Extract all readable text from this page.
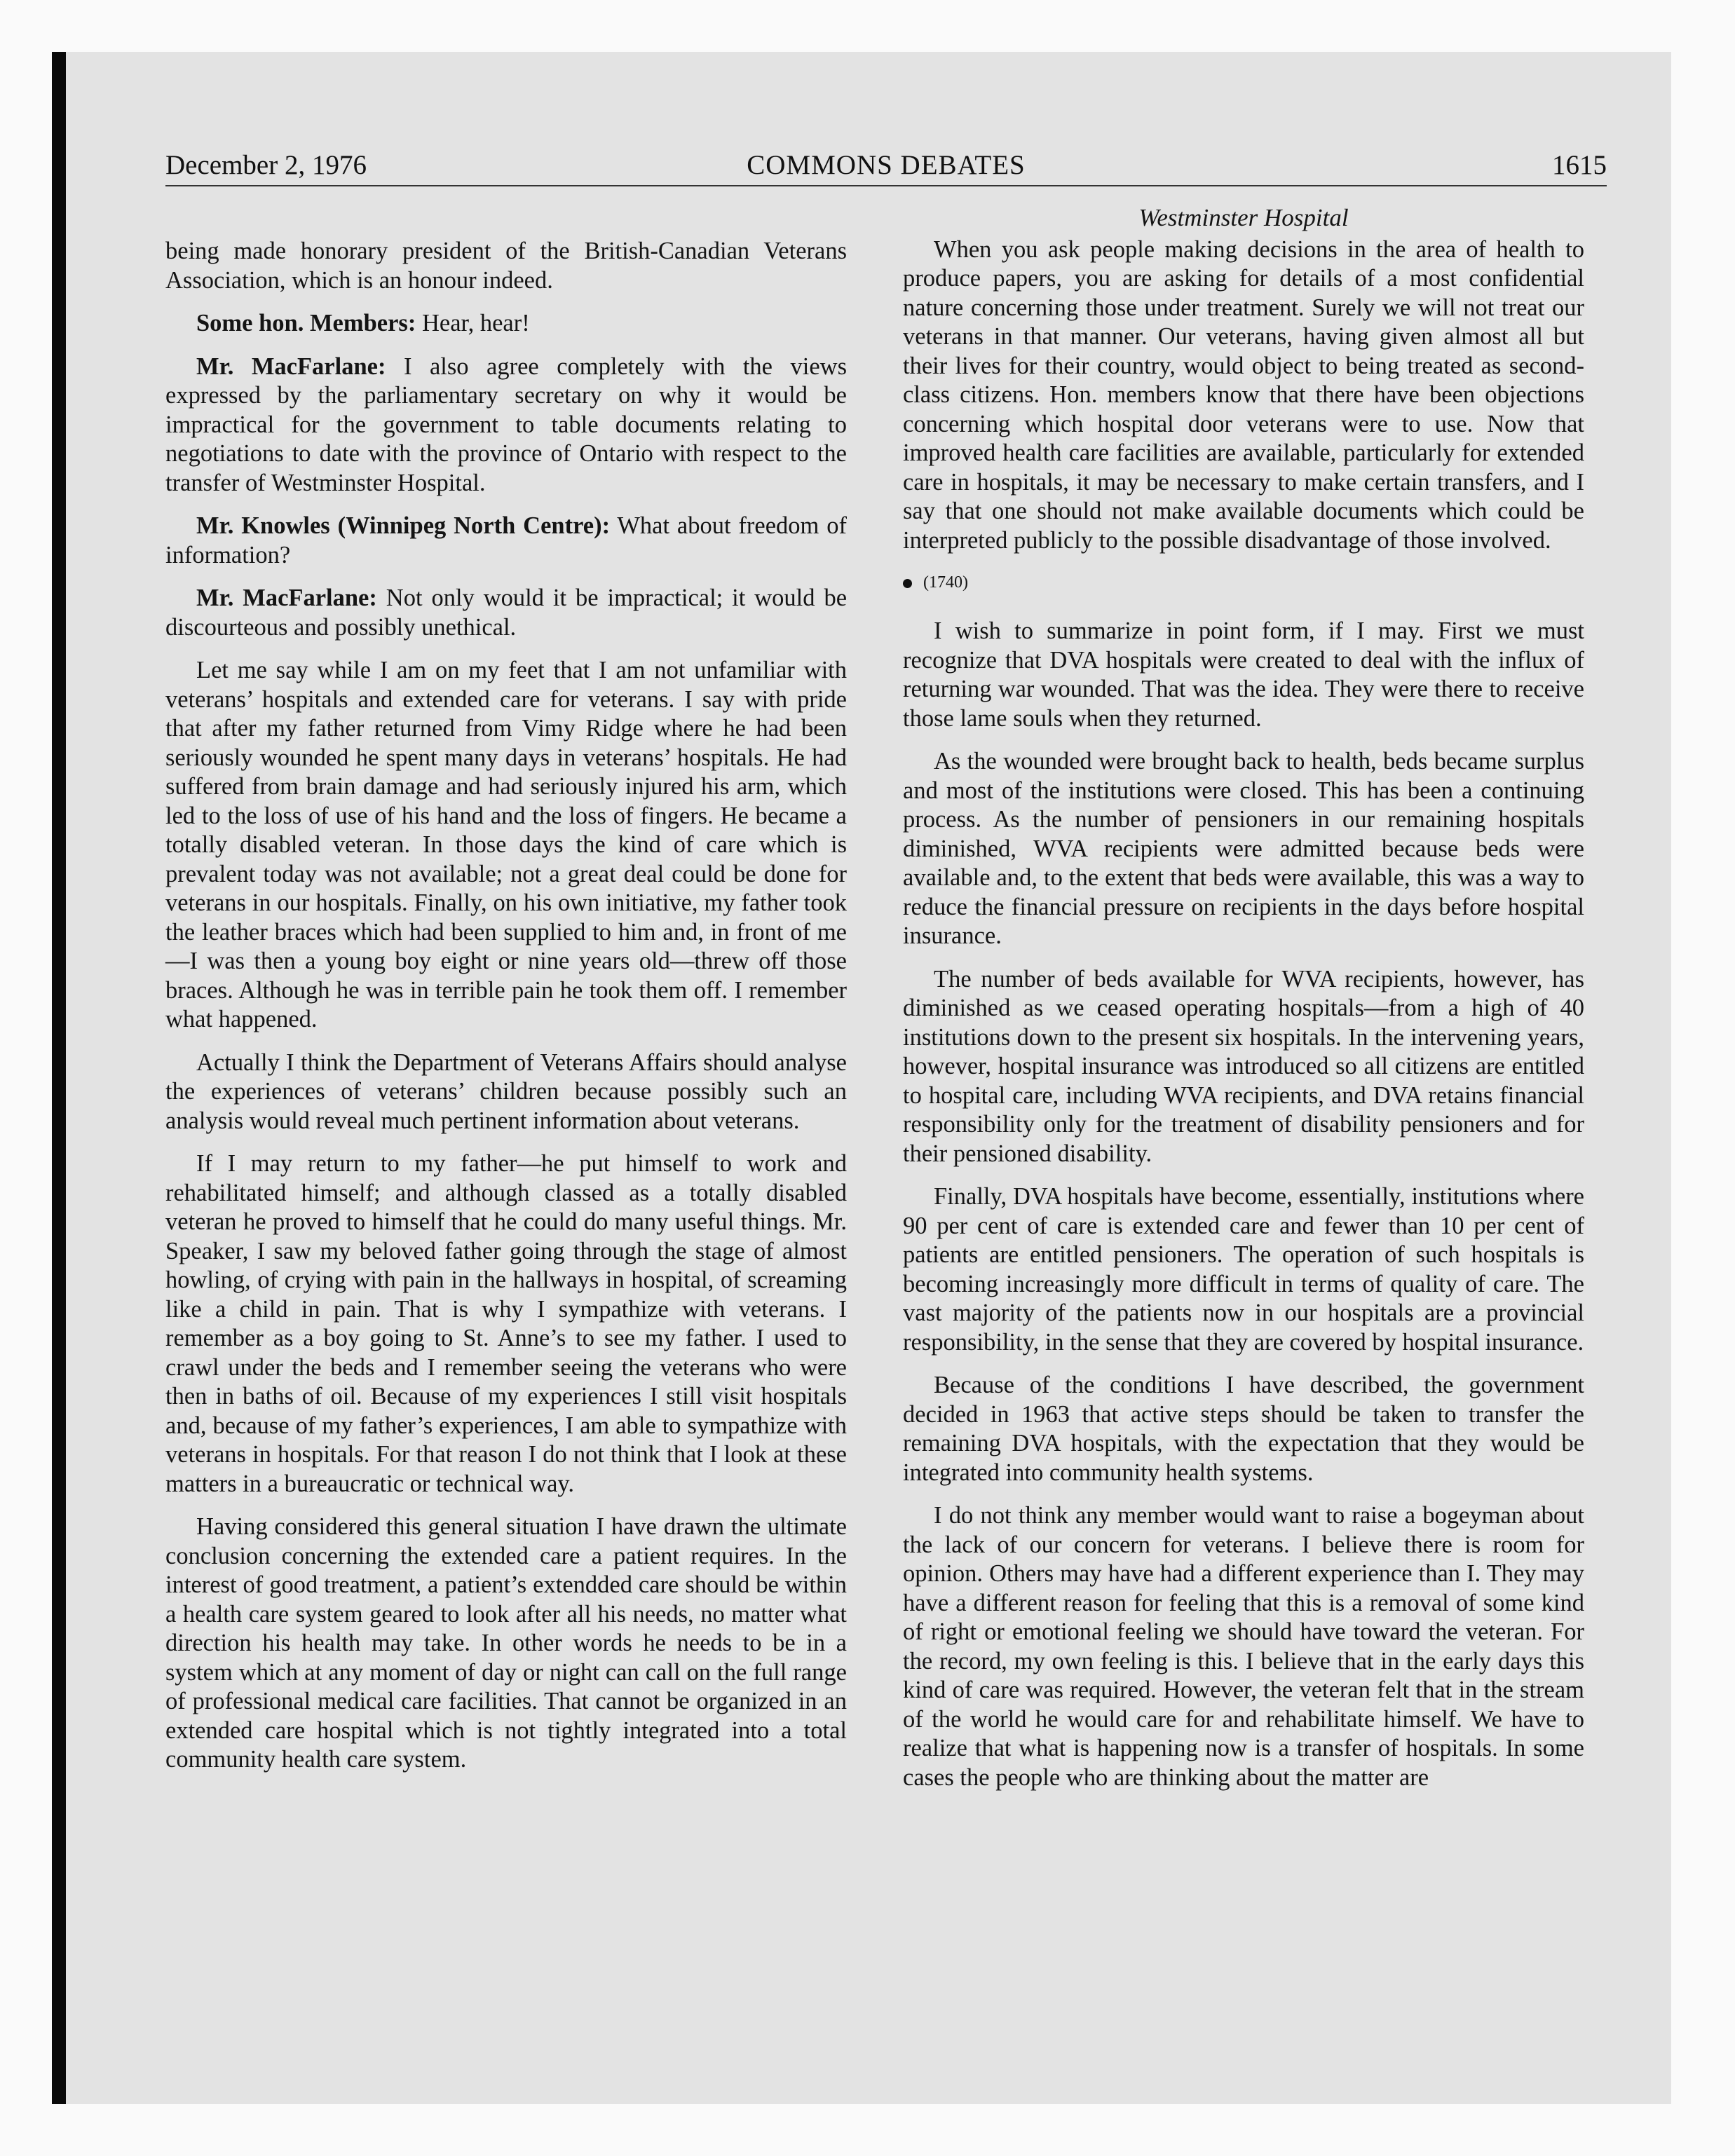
December 2, 1976	COMMONS DEBATES	1615

being made honorary president of the British-Canadian Veterans Association, which is an honour indeed.

Some hon. Members: Hear, hear!

Mr. MacFarlane: I also agree completely with the views expressed by the parliamentary secretary on why it would be impractical for the government to table documents relating to negotiations to date with the province of Ontario with respect to the transfer of Westminster Hospital.

Mr. Knowles (Winnipeg North Centre): What about freedom of information?

Mr. MacFarlane: Not only would it be impractical; it would be discourteous and possibly unethical.

Let me say while I am on my feet that I am not unfamiliar with veterans’ hospitals and extended care for veterans. I say with pride that after my father returned from Vimy Ridge where he had been seriously wounded he spent many days in veterans’ hospitals. He had suffered from brain damage and had seriously injured his arm, which led to the loss of use of his hand and the loss of fingers. He became a totally disabled veteran. In those days the kind of care which is prevalent today was not available; not a great deal could be done for veterans in our hospitals. Finally, on his own initiative, my father took the leather braces which had been supplied to him and, in front of me—I was then a young boy eight or nine years old—threw off those braces. Although he was in terrible pain he took them off. I remember what happened.

Actually I think the Department of Veterans Affairs should analyse the experiences of veterans’ children because possibly such an analysis would reveal much pertinent information about veterans.

If I may return to my father—he put himself to work and rehabilitated himself; and although classed as a totally disabled veteran he proved to himself that he could do many useful things. Mr. Speaker, I saw my beloved father going through the stage of almost howling, of crying with pain in the hallways in hospital, of screaming like a child in pain. That is why I sympathize with veterans. I remember as a boy going to St. Anne’s to see my father. I used to crawl under the beds and I remember seeing the veterans who were then in baths of oil. Because of my experiences I still visit hospitals and, because of my father’s experiences, I am able to sympathize with veterans in hospitals. For that reason I do not think that I look at these matters in a bureaucratic or technical way.

Having considered this general situation I have drawn the ultimate conclusion concerning the extended care a patient requires. In the interest of good treatment, a patient’s extendded care should be within a health care system geared to look after all his needs, no matter what direction his health may take. In other words he needs to be in a system which at any moment of day or night can call on the full range of professional medical care facilities. That cannot be organized in an extended care hospital which is not tightly integrated into a total community health care system.

Westminster Hospital

When you ask people making decisions in the area of health to produce papers, you are asking for details of a most confidential nature concerning those under treatment. Surely we will not treat our veterans in that manner. Our veterans, having given almost all but their lives for their country, would object to being treated as second-class citizens. Hon. members know that there have been objections concerning which hospital door veterans were to use. Now that improved health care facilities are available, particularly for extended care in hospitals, it may be necessary to make certain transfers, and I say that one should not make available documents which could be interpreted publicly to the possible disadvantage of those involved.

(1740)

I wish to summarize in point form, if I may. First we must recognize that DVA hospitals were created to deal with the influx of returning war wounded. That was the idea. They were there to receive those lame souls when they returned.

As the wounded were brought back to health, beds became surplus and most of the institutions were closed. This has been a continuing process. As the number of pensioners in our remaining hospitals diminished, WVA recipients were admitted because beds were available and, to the extent that beds were available, this was a way to reduce the financial pressure on recipients in the days before hospital insurance.

The number of beds available for WVA recipients, however, has diminished as we ceased operating hospitals—from a high of 40 institutions down to the present six hospitals. In the intervening years, however, hospital insurance was introduced so all citizens are entitled to hospital care, including WVA recipients, and DVA retains financial responsibility only for the treatment of disability pensioners and for their pensioned disability.

Finally, DVA hospitals have become, essentially, institutions where 90 per cent of care is extended care and fewer than 10 per cent of patients are entitled pensioners. The operation of such hospitals is becoming increasingly more difficult in terms of quality of care. The vast majority of the patients now in our hospitals are a provincial responsibility, in the sense that they are covered by hospital insurance.

Because of the conditions I have described, the government decided in 1963 that active steps should be taken to transfer the remaining DVA hospitals, with the expectation that they would be integrated into community health systems.

I do not think any member would want to raise a bogeyman about the lack of our concern for veterans. I believe there is room for opinion. Others may have had a different experience than I. They may have a different reason for feeling that this is a removal of some kind of right or emotional feeling we should have toward the veteran. For the record, my own feeling is this. I believe that in the early days this kind of care was required. However, the veteran felt that in the stream of the world he would care for and rehabilitate himself. We have to realize that what is happening now is a transfer of hospitals. In some cases the people who are thinking about the matter are
